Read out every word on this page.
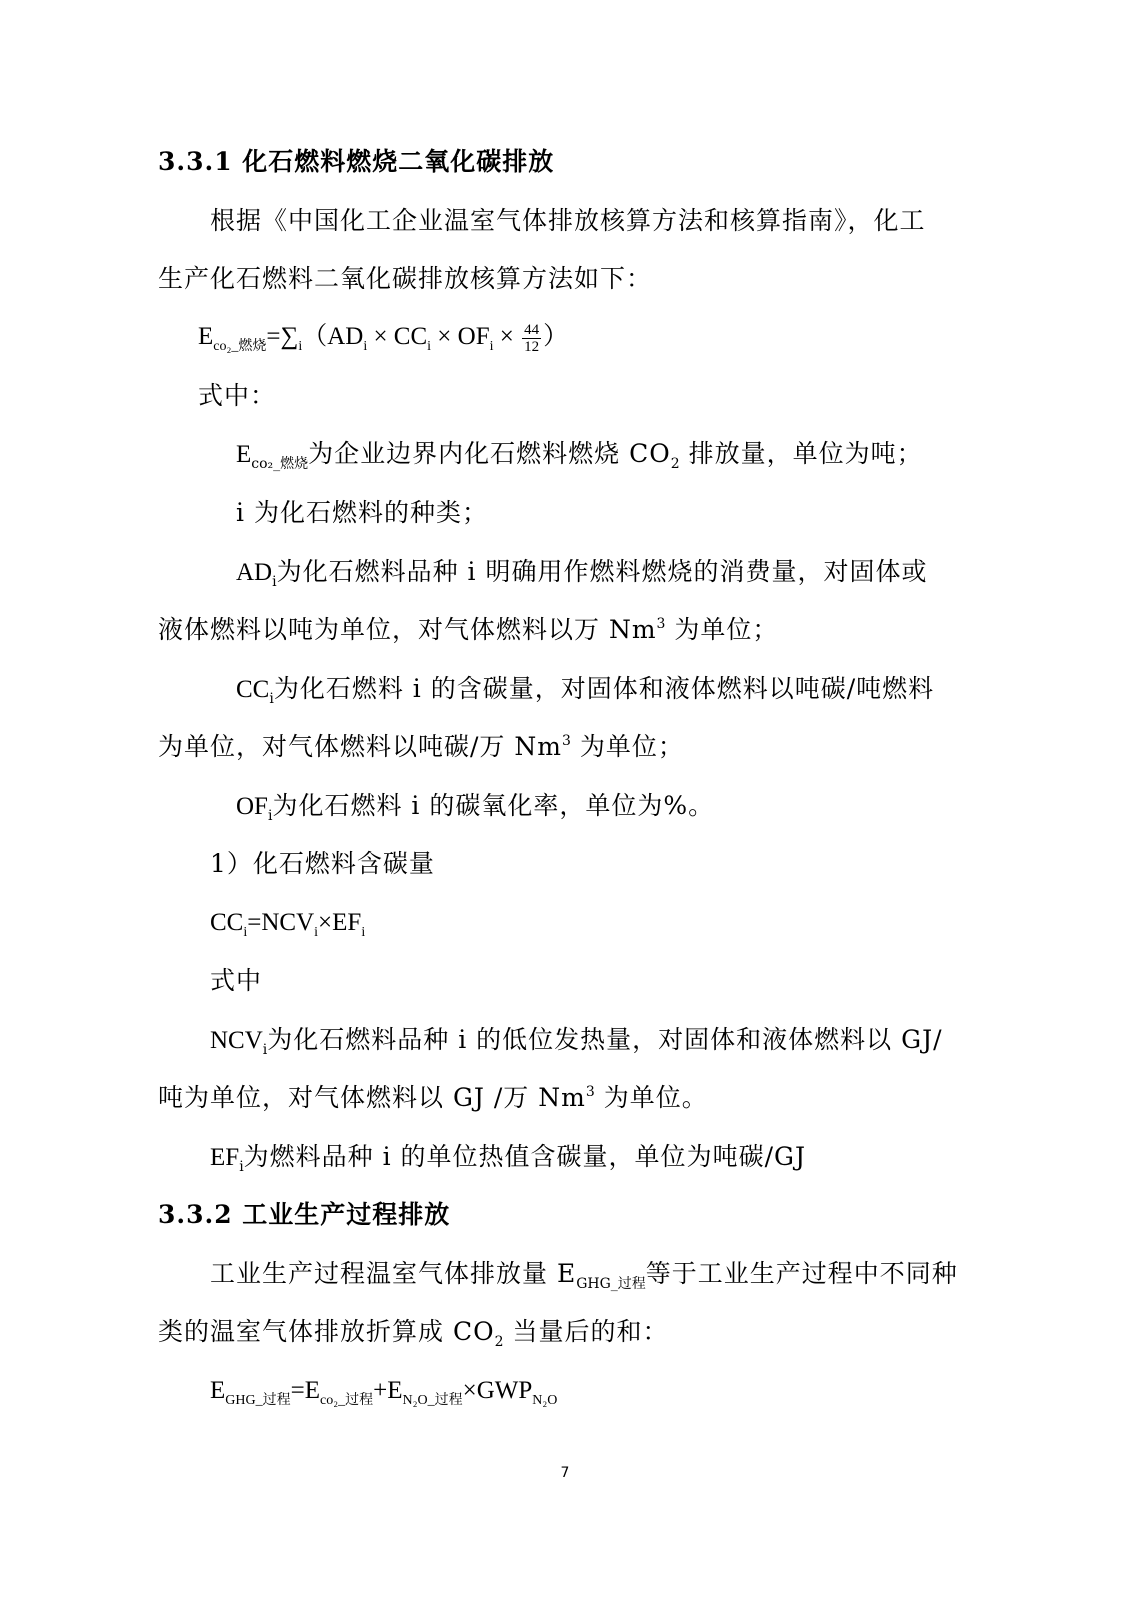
3.3.1 化石燃料燃烧二氧化碳排放
根据《中国化工企业温室气体排放核算方法和核算指南》，化工
生产化石燃料二氧化碳排放核算方法如下：
$E_{co_2\_燃烧}=\sum_i(AD_i \times CC_i \times OF_i \times \frac{44}{12}$ ）
式中：
$E_{co_2\_燃烧}$为企业边界内化石燃料燃烧 $CO_2$ 排放量，单位为吨；
i 为化石燃料的种类；
$AD_i$为化石燃料品种 i 明确用作燃料燃烧的消费量，对固体或
液体燃料以吨为单位，对气体燃料以万 Nm$^3$ 为单位；
$CC_i$为化石燃料 i 的含碳量，对固体和液体燃料以吨碳/吨燃料
为单位，对气体燃料以吨碳/万 Nm$^3$ 为单位；
$OF_i$为化石燃料 i 的碳氧化率，单位为%。
1）化石燃料含碳量
$CC_i=NCV_i\times EF_i$
式中
$NCV_i$为化石燃料品种 i 的低位发热量，对固体和液体燃料以 GJ/
吨为单位，对气体燃料以 GJ /万 Nm$^3$ 为单位。
$EF_i$为燃料品种 i 的单位热值含碳量，单位为吨碳/GJ
3.3.2 工业生产过程排放
工业生产过程温室气体排放量 $E_{GHG\_过程}$等于工业生产过程中不同种
类的温室气体排放折算成 $CO_2$ 当量后的和：
$E_{GHG\_过程}=E_{co_2\_过程}+E_{N_2O\_过程}\times GWP_{N_2O}$
7
